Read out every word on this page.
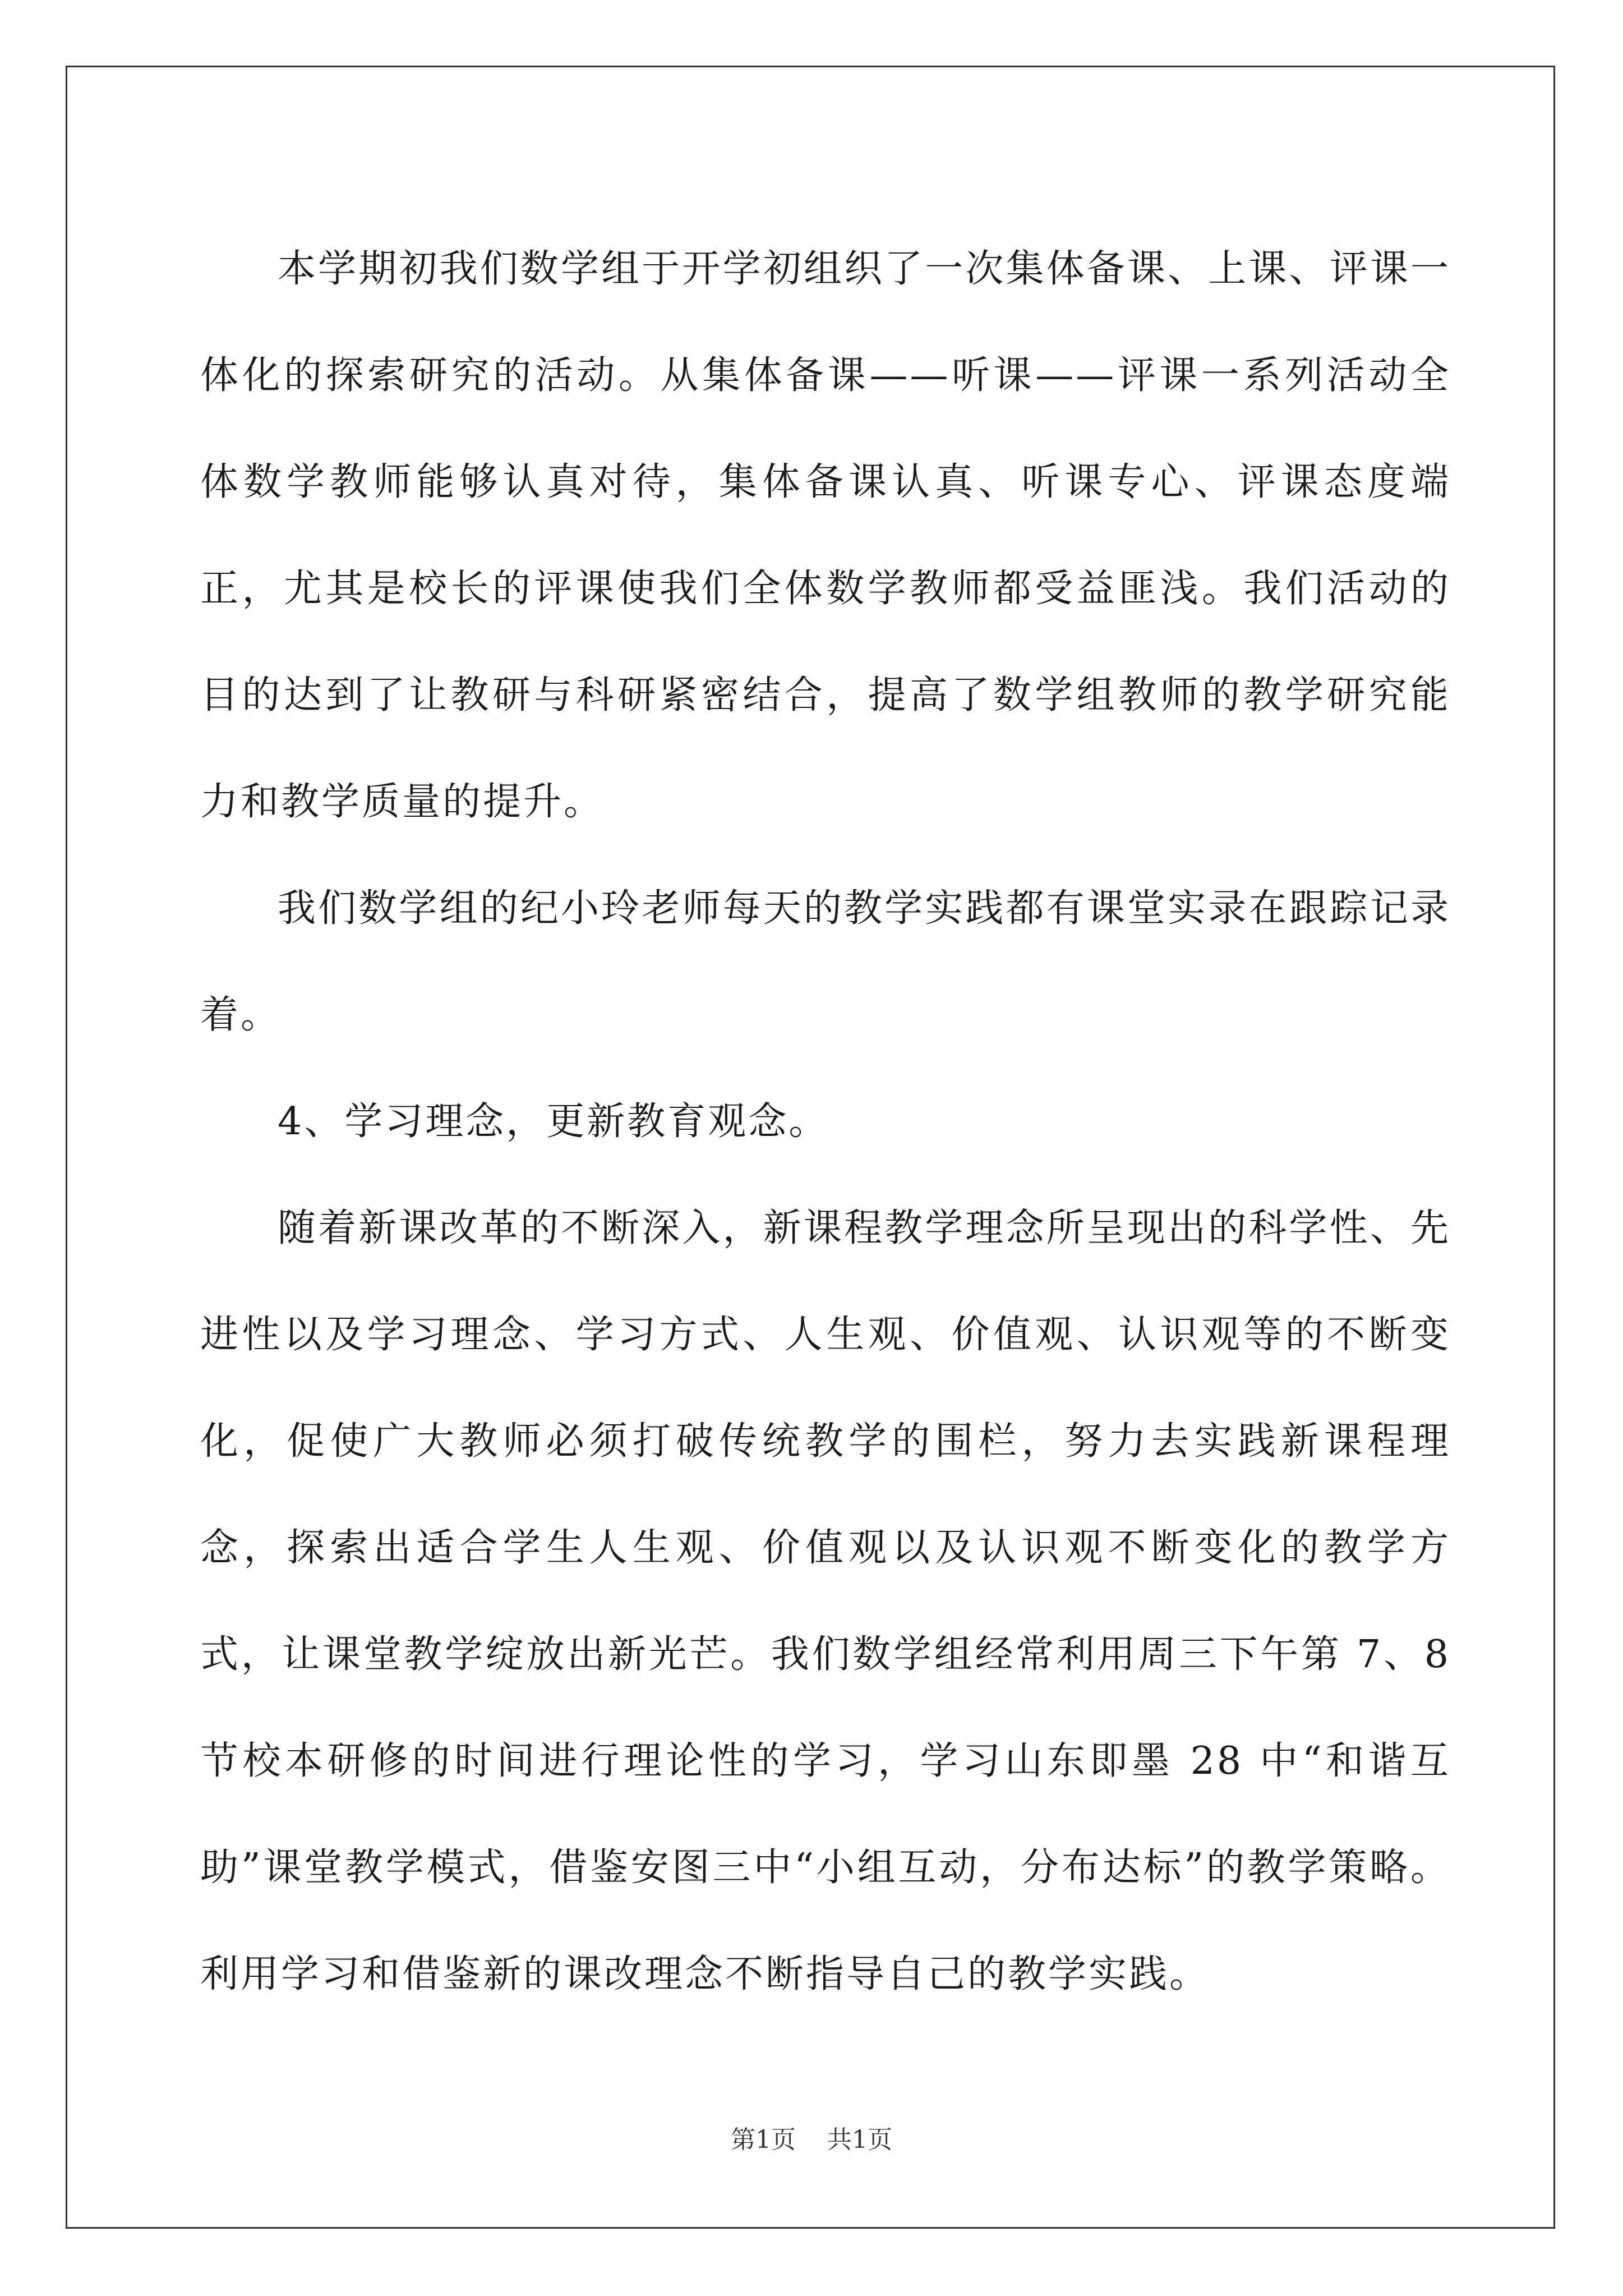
本学期初我们数学组于开学初组织了一次集体备课、上课、评课一体化的探索研究的活动。从集体备课——听课——评课一系列活动全体数学教师能够认真对待，集体备课认真、听课专心、评课态度端正，尤其是校长的评课使我们全体数学教师都受益匪浅。我们活动的目的达到了让教研与科研紧密结合，提高了数学组教师的教学研究能力和教学质量的提升。

我们数学组的纪小玲老师每天的教学实践都有课堂实录在跟踪记录着。

4、学习理念，更新教育观念。

随着新课改革的不断深入，新课程教学理念所呈现出的科学性、先进性以及学习理念、学习方式、人生观、价值观、认识观等的不断变化，促使广大教师必须打破传统教学的围栏，努力去实践新课程理念，探索出适合学生人生观、价值观以及认识观不断变化的教学方式，让课堂教学绽放出新光芒。我们数学组经常利用周三下午第 7、8 节校本研修的时间进行理论性的学习，学习山东即墨 28 中“和谐互助”课堂教学模式，借鉴安图三中“小组互动，分布达标”的教学策略。利用学习和借鉴新的课改理念不断指导自己的教学实践。

第1页 共1页
